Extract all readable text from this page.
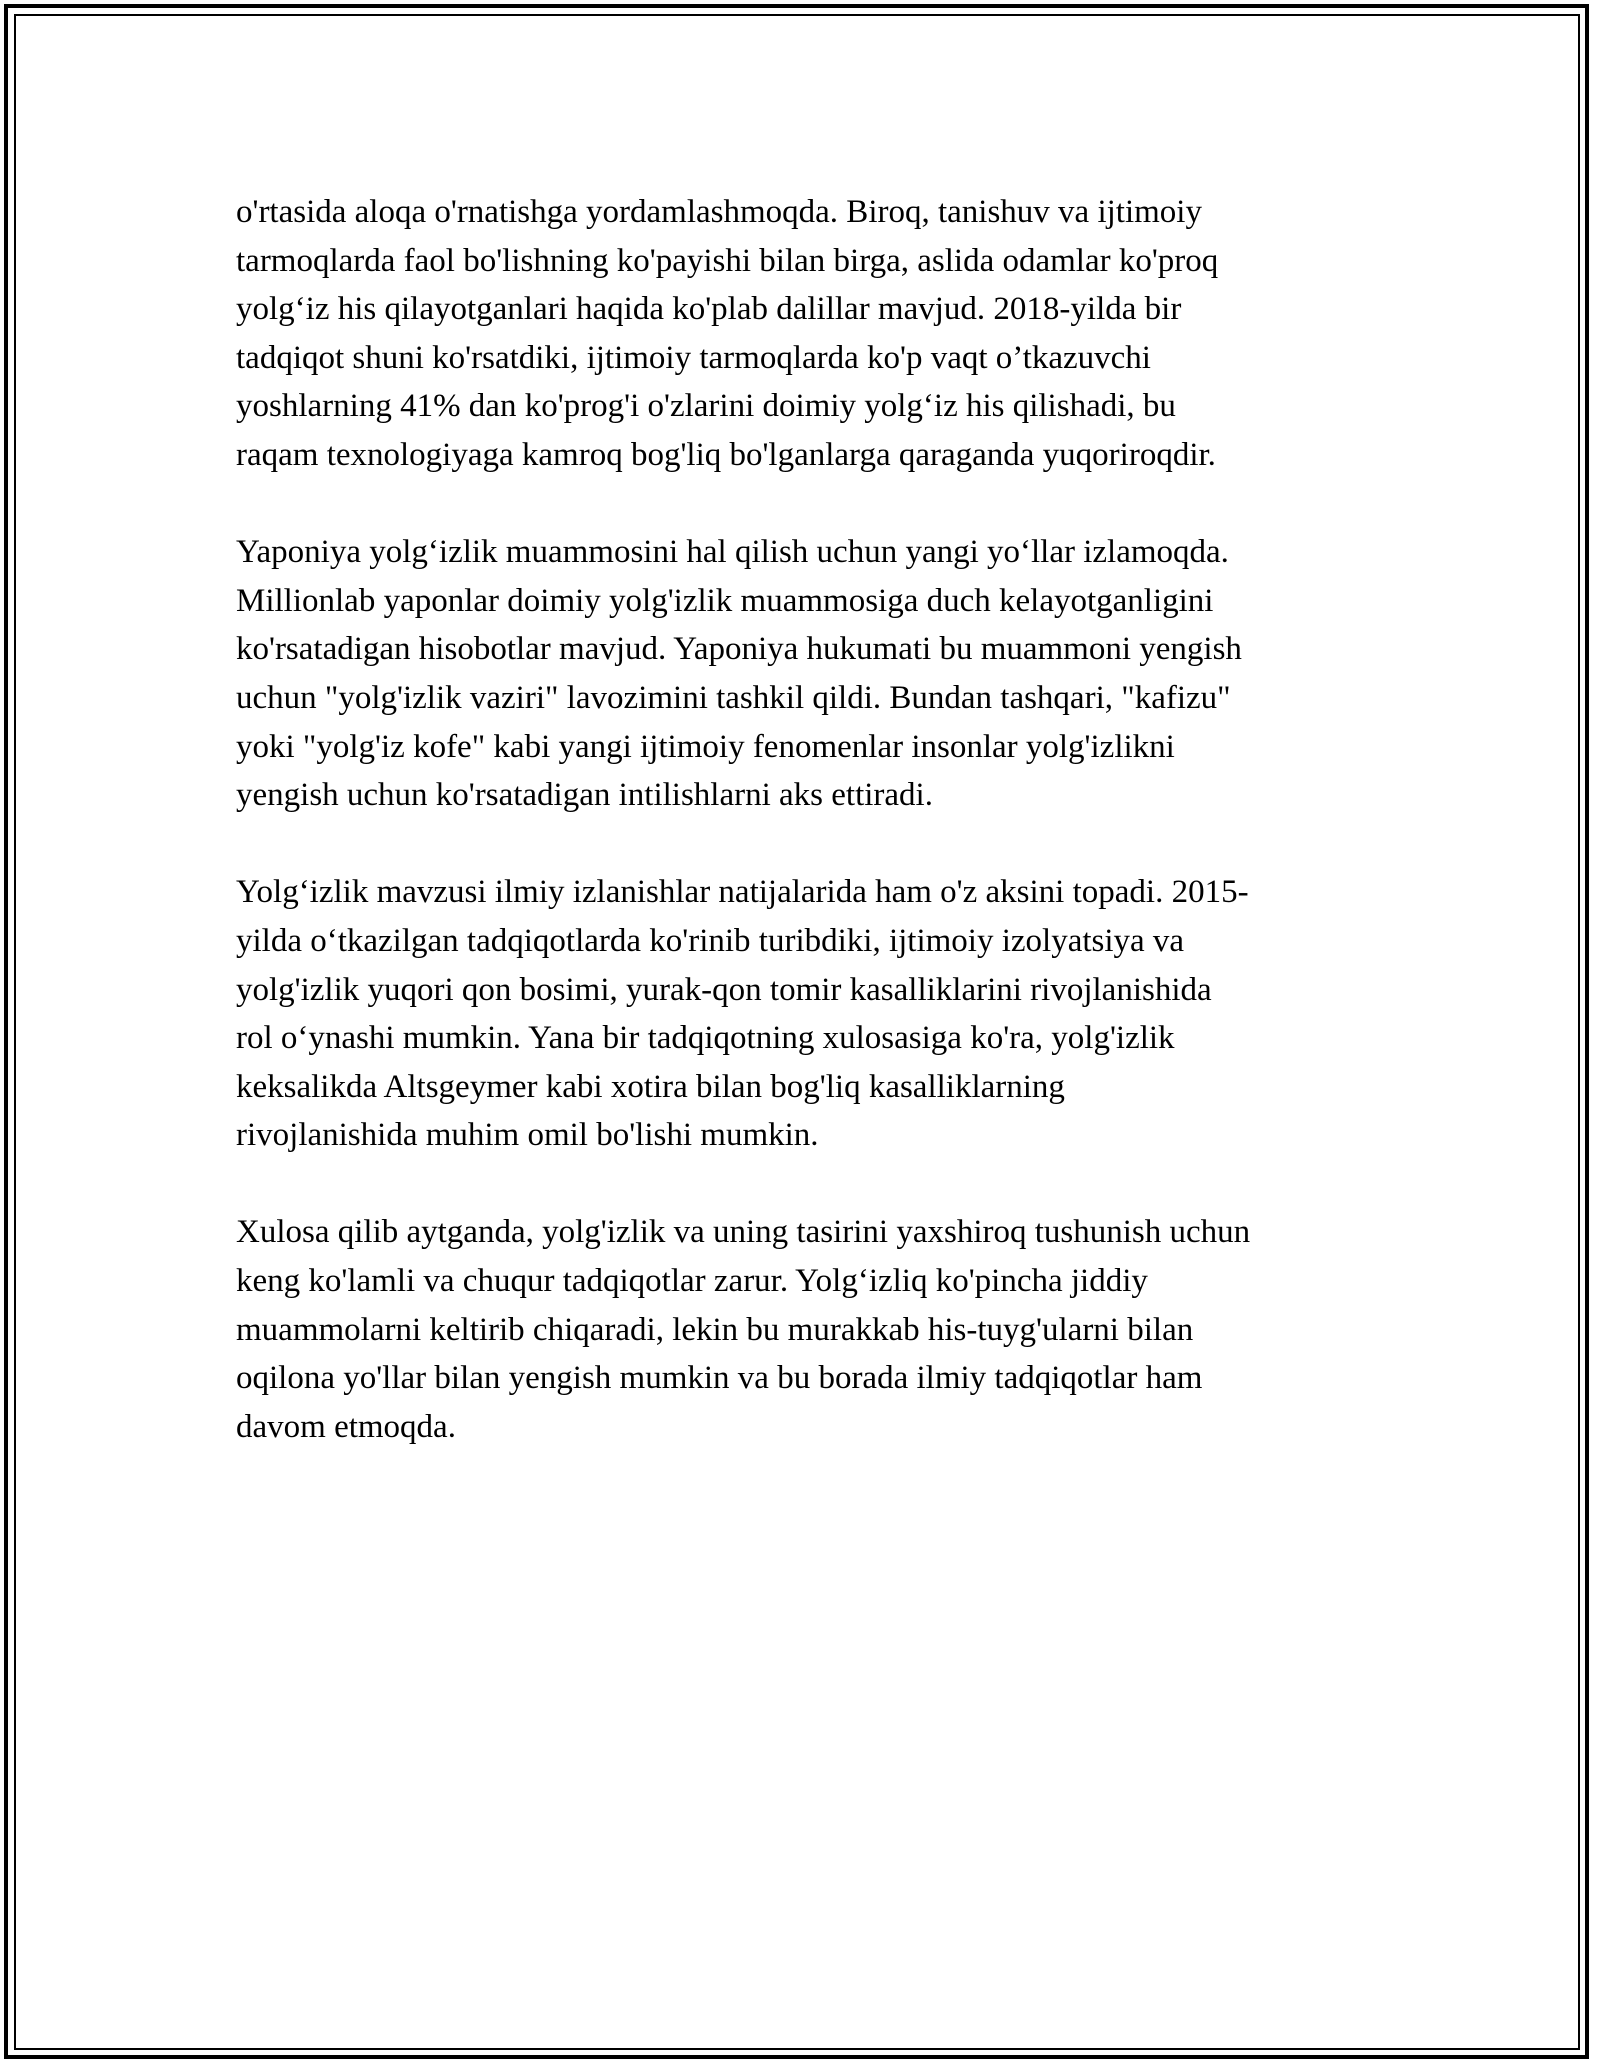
o'rtasida aloqa o'rnatishga yordamlashmoqda. Biroq, tanishuv va ijtimoiy
tarmoqlarda faol bo'lishning ko'payishi bilan birga, aslida odamlar ko'proq
yolg‘iz his qilayotganlari haqida ko'plab dalillar mavjud. 2018-yilda bir
tadqiqot shuni ko'rsatdiki, ijtimoiy tarmoqlarda ko'p vaqt o’tkazuvchi
yoshlarning 41% dan ko'prog'i o'zlarini doimiy yolg‘iz his qilishadi, bu
raqam texnologiyaga kamroq bog'liq bo'lganlarga qaraganda yuqoriroqdir.

Yaponiya yolg‘izlik muammosini hal qilish uchun yangi yo‘llar izlamoqda.
Millionlab yaponlar doimiy yolg'izlik muammosiga duch kelayotganligini
ko'rsatadigan hisobotlar mavjud. Yaponiya hukumati bu muammoni yengish
uchun "yolg'izlik vaziri" lavozimini tashkil qildi. Bundan tashqari, "kafizu"
yoki "yolg'iz kofe" kabi yangi ijtimoiy fenomenlar insonlar yolg'izlikni
yengish uchun ko'rsatadigan intilishlarni aks ettiradi.

Yolg‘izlik mavzusi ilmiy izlanishlar natijalarida ham o'z aksini topadi. 2015-
yilda o‘tkazilgan tadqiqotlarda ko'rinib turibdiki, ijtimoiy izolyatsiya va
yolg'izlik yuqori qon bosimi, yurak-qon tomir kasalliklarini rivojlanishida
rol o‘ynashi mumkin. Yana bir tadqiqotning xulosasiga ko'ra, yolg'izlik
keksalikda Altsgeymer kabi xotira bilan bog'liq kasalliklarning
rivojlanishida muhim omil bo'lishi mumkin.

Xulosa qilib aytganda, yolg'izlik va uning tasirini yaxshiroq tushunish uchun
keng ko'lamli va chuqur tadqiqotlar zarur. Yolg‘izliq ko'pincha jiddiy
muammolarni keltirib chiqaradi, lekin bu murakkab his-tuyg'ularni bilan
oqilona yo'llar bilan yengish mumkin va bu borada ilmiy tadqiqotlar ham
davom etmoqda.
